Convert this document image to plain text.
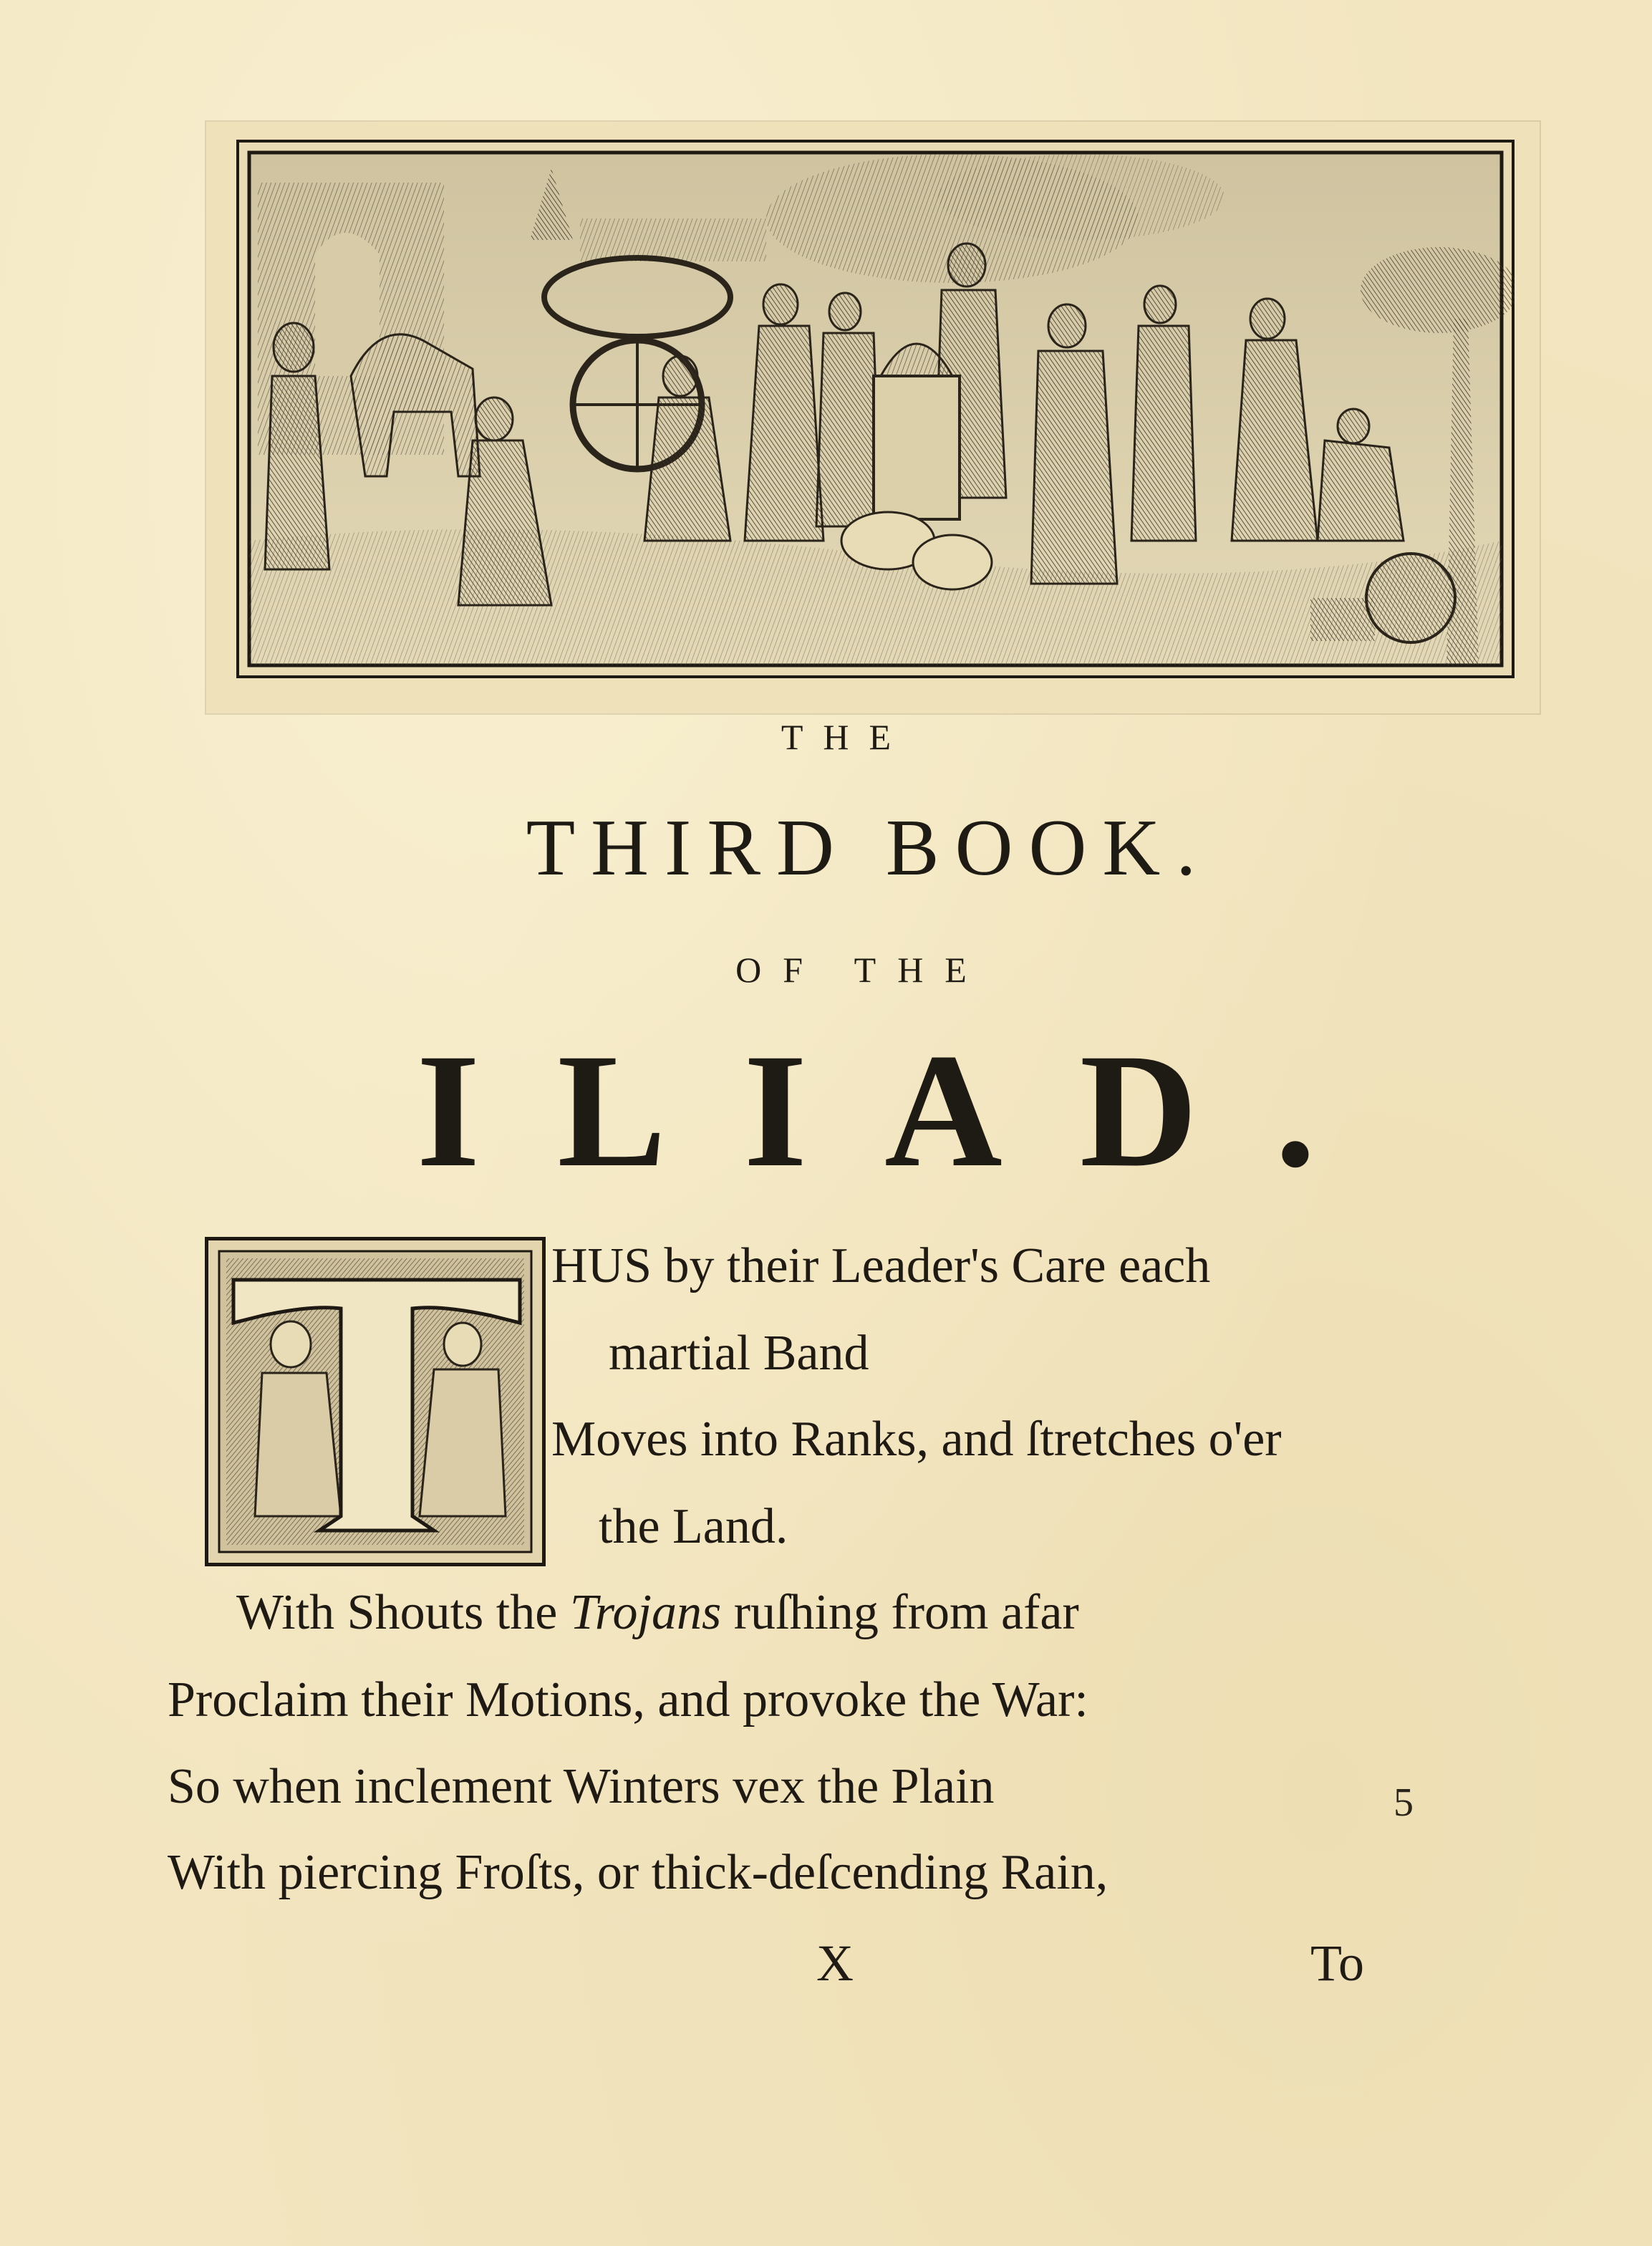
THE
THIRD BOOK.
OF THE
ILIAD.
HUS by their Leader's Care each
martial Band
Moves into Ranks, and ſtretches o'er
the Land.
With Shouts the Trojans ruſhing from afar
Proclaim their Motions, and provoke the War:
So when inclement Winters vex the Plain
With piercing Froſts, or thick-deſcending Rain,
5
X	To
